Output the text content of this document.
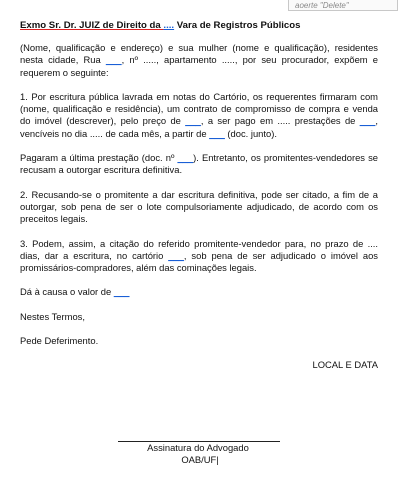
aoerte "Delete"
Exmo Sr. Dr. JUIZ de Direito da .... Vara de Registros Públicos

(Nome, qualificação e endereço) e sua mulher (nome e qualificação), residentes nesta cidade, Rua ___, nº ....., apartamento ....., por seu procurador, expõem e requerem o seguinte:

1. Por escritura pública lavrada em notas do Cartório, os requerentes firmaram com (nome, qualificação e residência), um contrato de compromisso de compra e venda do imóvel (descrever), pelo preço de ___, a ser pago em ..... prestações de ___, vencíveis no dia ..... de cada mês, a partir de ___ (doc. junto).

Pagaram a última prestação (doc. nº ___). Entretanto, os promitentes-vendedores se recusam a outorgar escritura definitiva.

2. Recusando-se o promitente a dar escritura definitiva, pode ser citado, a fim de a outorgar, sob pena de ser o lote compulsoriamente adjudicado, de acordo com os preceitos legais.

3. Podem, assim, a citação do referido promitente-vendedor para, no prazo de .... dias, dar a escritura, no cartório ___, sob pena de ser adjudicado o imóvel aos promissários-compradores, além das cominações legais.

Dá à causa o valor de ___

Nestes Termos,

Pede Deferimento.

LOCAL E DATA

Assinatura do Advogado
OAB/UF|
